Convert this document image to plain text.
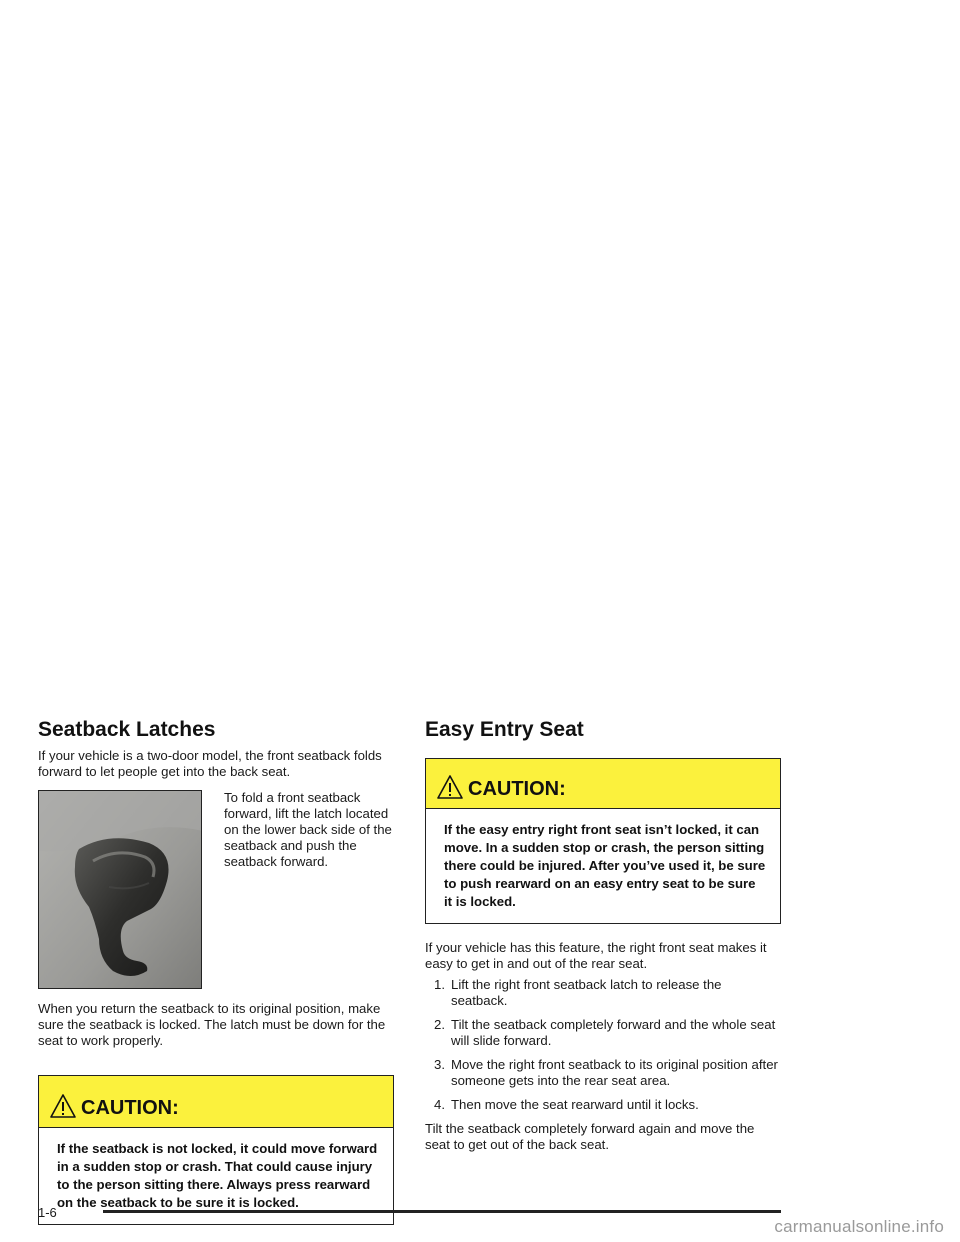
Seatback Latches

If your vehicle is a two-door model, the front seatback folds forward to let people get into the back seat.

To fold a front seatback forward, lift the latch located on the lower back side of the seatback and push the seatback forward.

When you return the seatback to its original position, make sure the seatback is locked. The latch must be down for the seat to work properly.

CAUTION:
If the seatback is not locked, it could move forward in a sudden stop or crash. That could cause injury to the person sitting there. Always press rearward on the seatback to be sure it is locked.
Easy Entry Seat
CAUTION:
If the easy entry right front seat isn’t locked, it can move. In a sudden stop or crash, the person sitting there could be injured. After you’ve used it, be sure to push rearward on an easy entry seat to be sure it is locked.

If your vehicle has this feature, the right front seat makes it easy to get in and out of the rear seat.

1. Lift the right front seatback latch to release the seatback.
2. Tilt the seatback completely forward and the whole seat will slide forward.
3. Move the right front seatback to its original position after someone gets into the rear seat area.
4. Then move the seat rearward until it locks.

Tilt the seatback completely forward again and move the seat to get out of the back seat.

1-6
carmanualsonline.info
